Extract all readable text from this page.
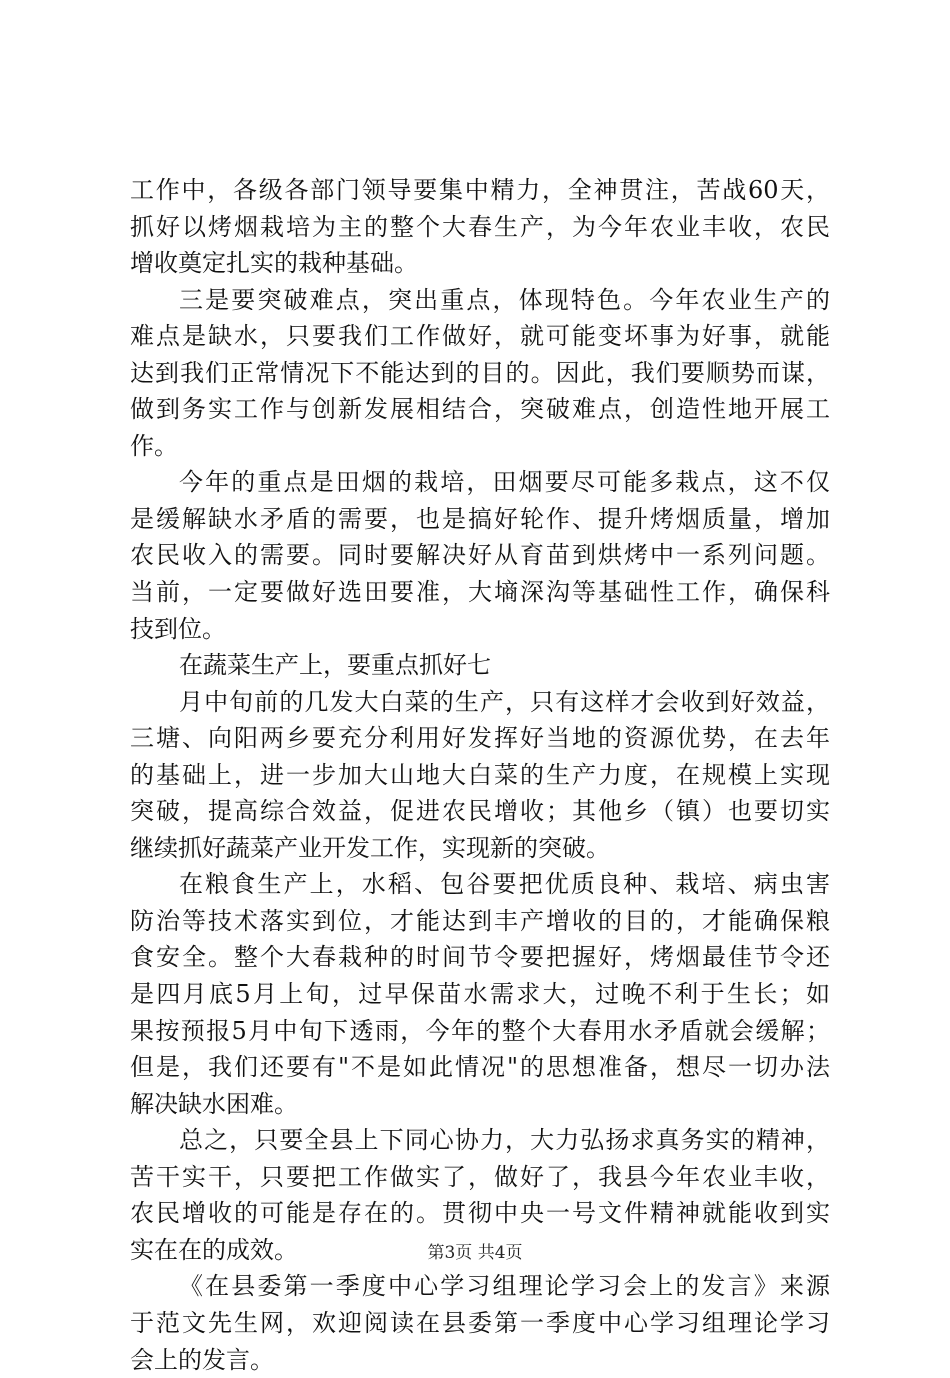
工作中，各级各部门领导要集中精力，全神贯注，苦战60天，
抓好以烤烟栽培为主的整个大春生产，为今年农业丰收，农民
增收奠定扎实的栽种基础。
三是要突破难点，突出重点，体现特色。今年农业生产的
难点是缺水，只要我们工作做好，就可能变坏事为好事，就能
达到我们正常情况下不能达到的目的。因此，我们要顺势而谋，
做到务实工作与创新发展相结合，突破难点，创造性地开展工
作。
今年的重点是田烟的栽培，田烟要尽可能多栽点，这不仅
是缓解缺水矛盾的需要，也是搞好轮作、提升烤烟质量，增加
农民收入的需要。同时要解决好从育苗到烘烤中一系列问题。
当前，一定要做好选田要准，大墒深沟等基础性工作，确保科
技到位。
在蔬菜生产上，要重点抓好七
月中旬前的几发大白菜的生产，只有这样才会收到好效益，
三塘、向阳两乡要充分利用好发挥好当地的资源优势，在去年
的基础上，进一步加大山地大白菜的生产力度，在规模上实现
突破，提高综合效益，促进农民增收；其他乡（镇）也要切实
继续抓好蔬菜产业开发工作，实现新的突破。
在粮食生产上，水稻、包谷要把优质良种、栽培、病虫害
防治等技术落实到位，才能达到丰产增收的目的，才能确保粮
食安全。整个大春栽种的时间节令要把握好，烤烟最佳节令还
是四月底5月上旬，过早保苗水需求大，过晚不利于生长；如
果按预报5月中旬下透雨，今年的整个大春用水矛盾就会缓解；
但是，我们还要有"不是如此情况"的思想准备，想尽一切办法
解决缺水困难。
总之，只要全县上下同心协力，大力弘扬求真务实的精神，
苦干实干，只要把工作做实了，做好了，我县今年农业丰收，
农民增收的可能是存在的。贯彻中央一号文件精神就能收到实
实在在的成效。
《在县委第一季度中心学习组理论学习会上的发言》来源
于范文先生网，欢迎阅读在县委第一季度中心学习组理论学习
会上的发言。
第3页 共4页
